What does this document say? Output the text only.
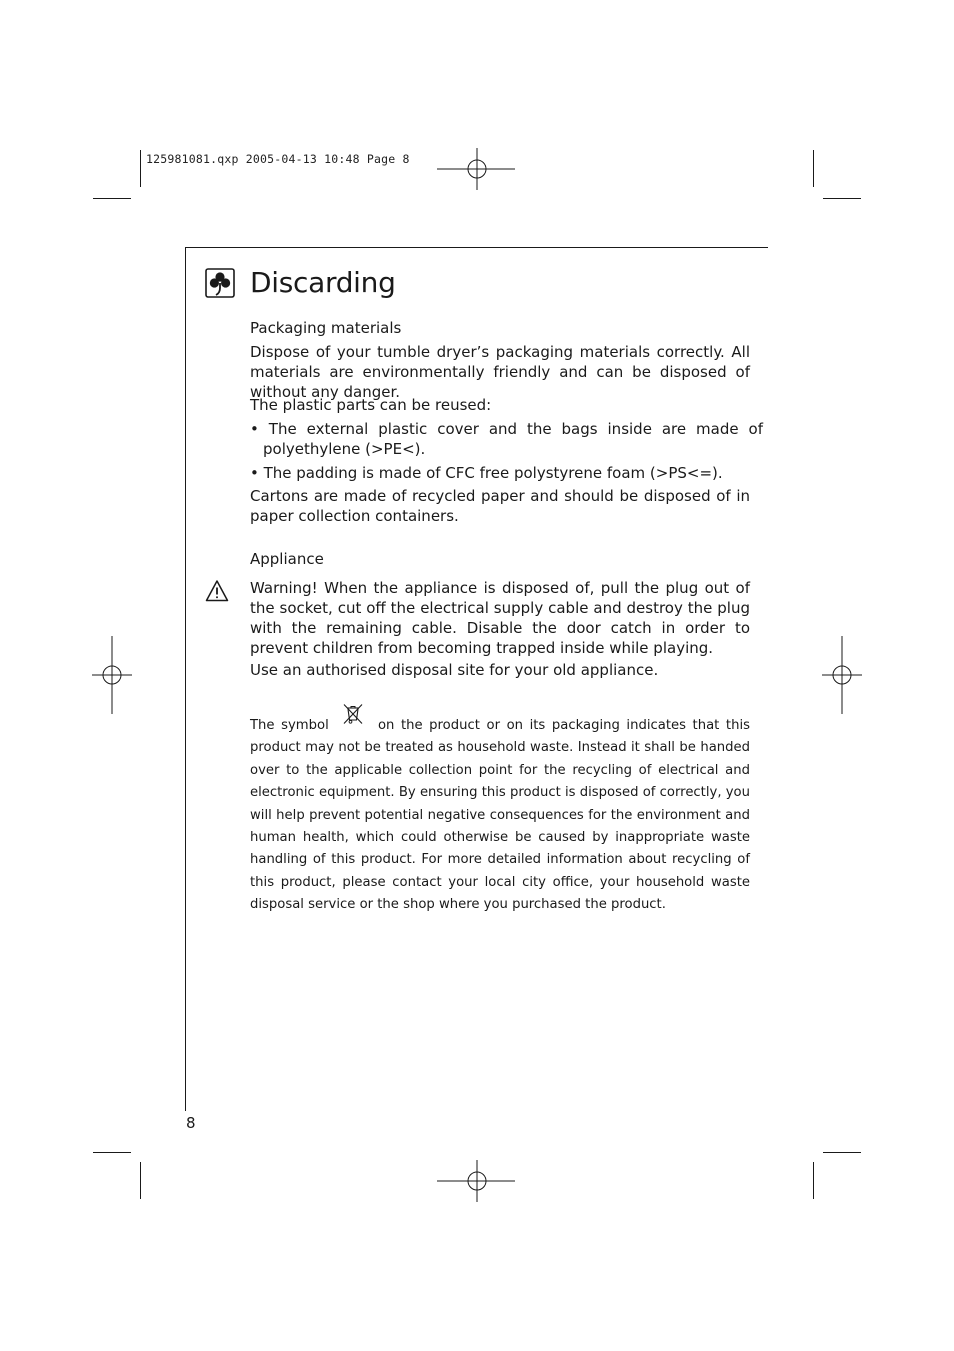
125981081.qxp 2005-04-13 10:48 Page 8
Discarding
Packaging materials
Dispose of your tumble dryer’s packaging materials correctly. All materials are environmentally friendly and can be disposed of without any danger.
The plastic parts can be reused:
• The external plastic cover and the bags inside are made of polyethylene (>PE<).
• The padding is made of CFC free polystyrene foam (>PS<=).
Cartons are made of recycled paper and should be disposed of in paper collection containers.
Appliance
Warning! When the appliance is disposed of, pull the plug out of the socket, cut off the electrical supply cable and destroy the plug with the remaining cable. Disable the door catch in order to prevent children from becoming trapped inside while playing.
Use an authorised disposal site for your old appliance.
The symbol	on the product or on its packaging indicates that this product may not be treated as household waste. Instead it shall be handed over to the applicable collection point for the recycling of electrical and electronic equipment. By ensuring this product is disposed of correctly, you will help prevent potential negative consequences for the environment and human health, which could otherwise be caused by inappropriate waste handling of this product. For more detailed information about recycling of this product, please contact your local city office, your household waste disposal service or the shop where you purchased the product.
8
